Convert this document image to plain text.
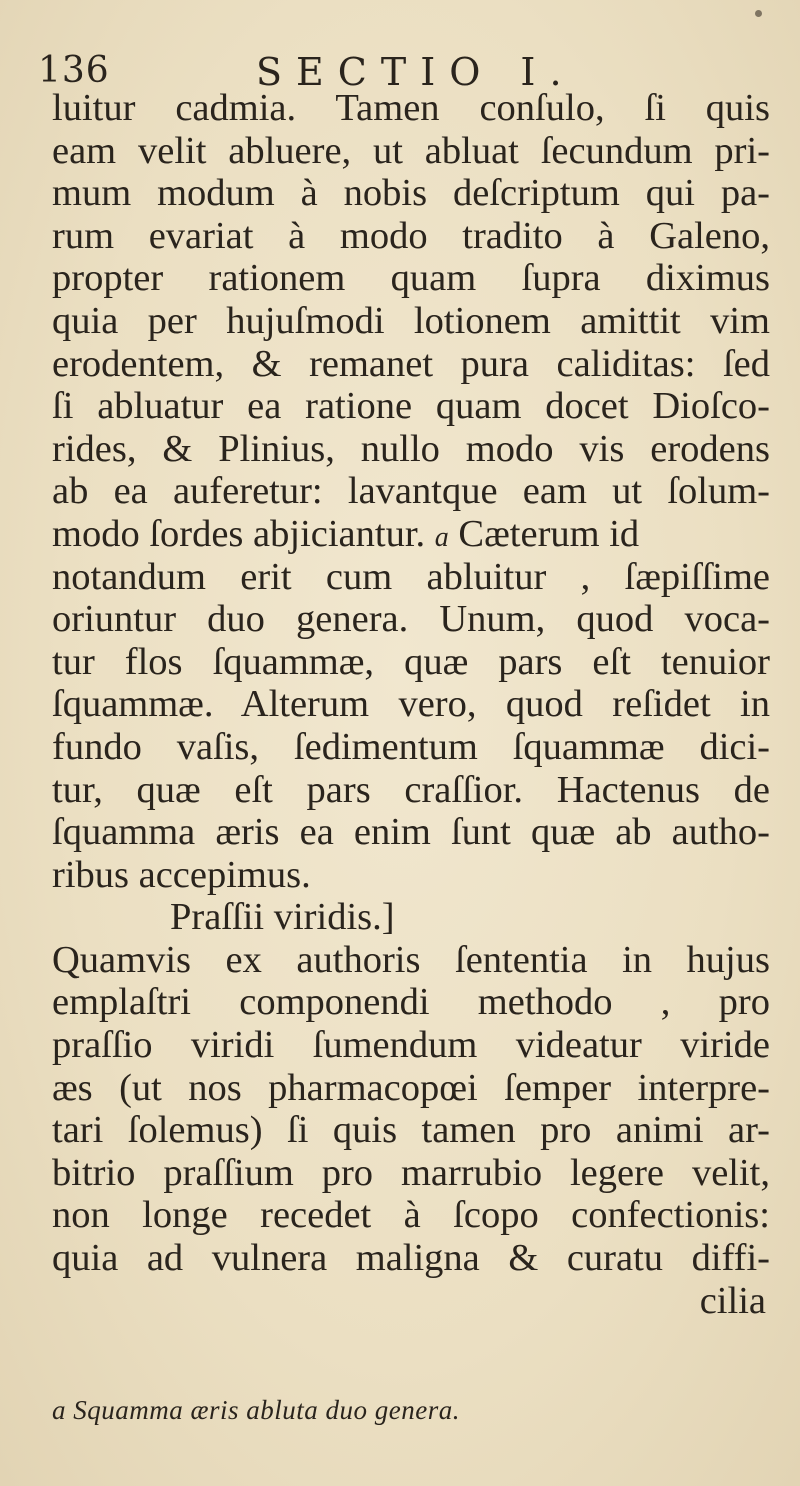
136	SECTIO I.
luitur cadmia. Tamen conſulo, ſi quis
eam velit abluere, ut abluat ſecundum pri-
mum modum à nobis deſcriptum qui pa-
rum evariat à modo tradito à Galeno,
propter rationem quam ſupra diximus
quia per hujuſmodi lotionem amittit vim
erodentem, & remanet pura caliditas: ſed
ſi abluatur ea ratione quam docet Dioſco-
rides, & Plinius, nullo modo vis erodens
ab ea auferetur: lavantque eam ut ſolum-
modo ſordes abjiciantur. a Cæterum id
notandum erit cum abluitur , ſæpiſſime
oriuntur duo genera. Unum, quod voca-
tur flos ſquammæ, quæ pars eſt tenuior
ſquammæ. Alterum vero, quod reſidet in
fundo vaſis, ſedimentum ſquammæ dici-
tur, quæ eſt pars craſſior. Hactenus de
ſquamma æris ea enim ſunt quæ ab autho-
ribus accepimus.
Praſſii viridis.]
Quamvis ex authoris ſententia in hujus
emplaſtri componendi methodo , pro
praſſio viridi ſumendum videatur viride
æs (ut nos pharmacopœi ſemper interpre-
tari ſolemus) ſi quis tamen pro animi ar-
bitrio praſſium pro marrubio legere velit,
non longe recedet à ſcopo confectionis:
quia ad vulnera maligna & curatu diffi-
cilia
a Squamma æris abluta duo genera.
